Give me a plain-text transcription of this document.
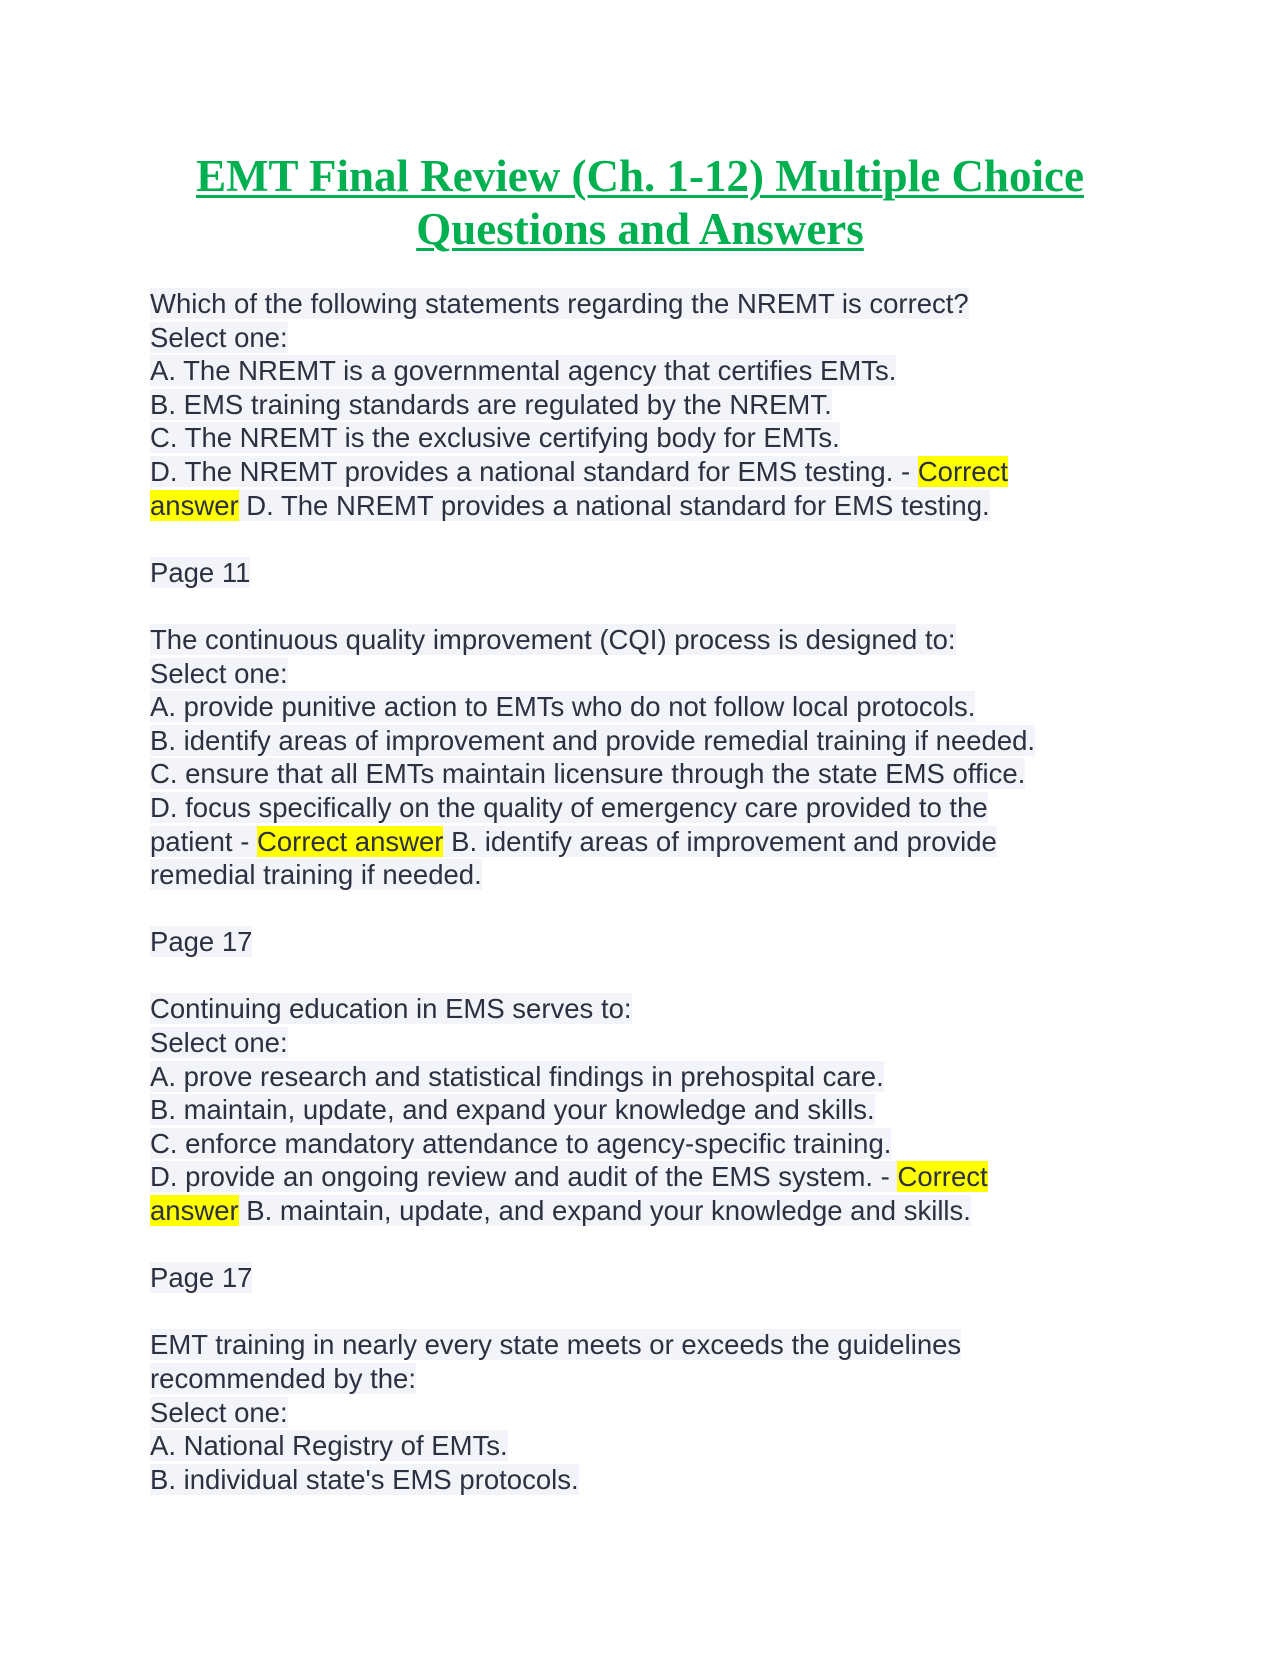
EMT Final Review (Ch. 1-12) Multiple Choice
Questions and Answers
Which of the following statements regarding the NREMT is correct?
Select one:
A. The NREMT is a governmental agency that certifies EMTs.
B. EMS training standards are regulated by the NREMT.
C. The NREMT is the exclusive certifying body for EMTs.
D. The NREMT provides a national standard for EMS testing. - Correct
answer D. The NREMT provides a national standard for EMS testing.
Page 11
The continuous quality improvement (CQI) process is designed to:
Select one:
A. provide punitive action to EMTs who do not follow local protocols.
B. identify areas of improvement and provide remedial training if needed.
C. ensure that all EMTs maintain licensure through the state EMS office.
D. focus specifically on the quality of emergency care provided to the
patient - Correct answer B. identify areas of improvement and provide
remedial training if needed.
Page 17
Continuing education in EMS serves to:
Select one:
A. prove research and statistical findings in prehospital care.
B. maintain, update, and expand your knowledge and skills.
C. enforce mandatory attendance to agency-specific training.
D. provide an ongoing review and audit of the EMS system. - Correct
answer B. maintain, update, and expand your knowledge and skills.
Page 17
EMT training in nearly every state meets or exceeds the guidelines
recommended by the:
Select one:
A. National Registry of EMTs.
B. individual state's EMS protocols.
